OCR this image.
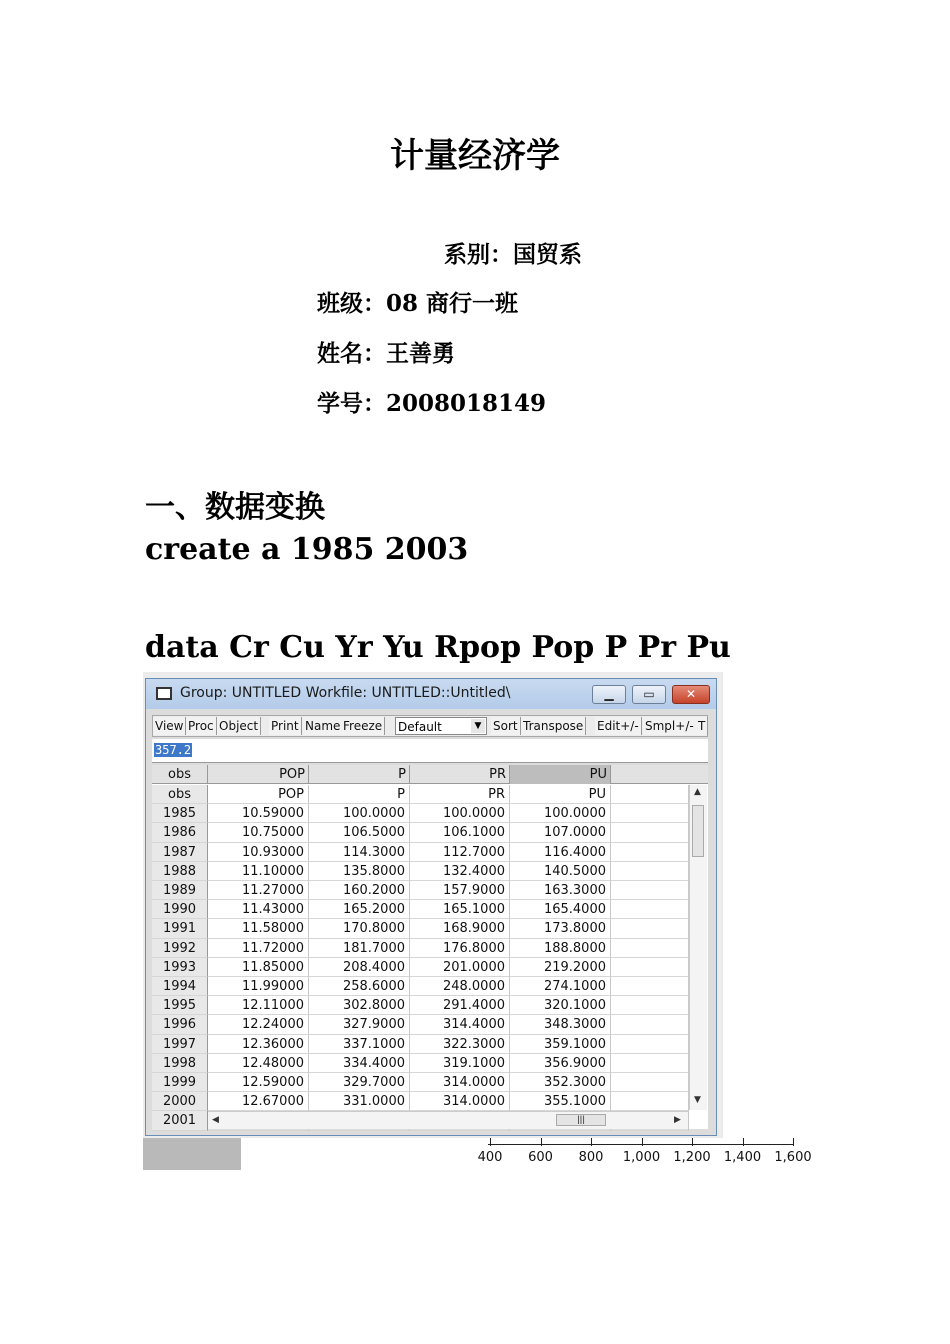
计量经济学
系别：国贸系
班级：08 商行一班
姓名：王善勇
学号：2008018149
一、数据变换
create a 1985 2003
data Cr Cu Yr Yu Rpop Pop P Pr Pu
400 600 800 1,000 1,200 1,400 1,600
Group: UNTITLED Workfile: UNTITLED::Untitled\	▁	▭	✕
View Proc Object Print Name Freeze Default	▼ Sort Transpose Edit+/- Smpl+/- T
357.2
obs	POP	P	PR	PU
obs	POP	P	PR	PU
1985	10.59000	100.0000	100.0000	100.0000
1986	10.75000	106.5000	106.1000	107.0000
1987	10.93000	114.3000	112.7000	116.4000
1988	11.10000	135.8000	132.4000	140.5000
1989	11.27000	160.2000	157.9000	163.3000
1990	11.43000	165.2000	165.1000	165.4000
1991	11.58000	170.8000	168.9000	173.8000
1992	11.72000	181.7000	176.8000	188.8000
1993	11.85000	208.4000	201.0000	219.2000
1994	11.99000	258.6000	248.0000	274.1000
1995	12.11000	302.8000	291.4000	320.1000
1996	12.24000	327.9000	314.4000	348.3000
1997	12.36000	337.1000	322.3000	359.1000
1998	12.48000	334.4000	319.1000	356.9000
1999	12.59000	329.7000	314.0000	352.3000
2000	12.67000	331.0000	314.0000	355.1000
2001
▲
▼
◀	|||	▶
